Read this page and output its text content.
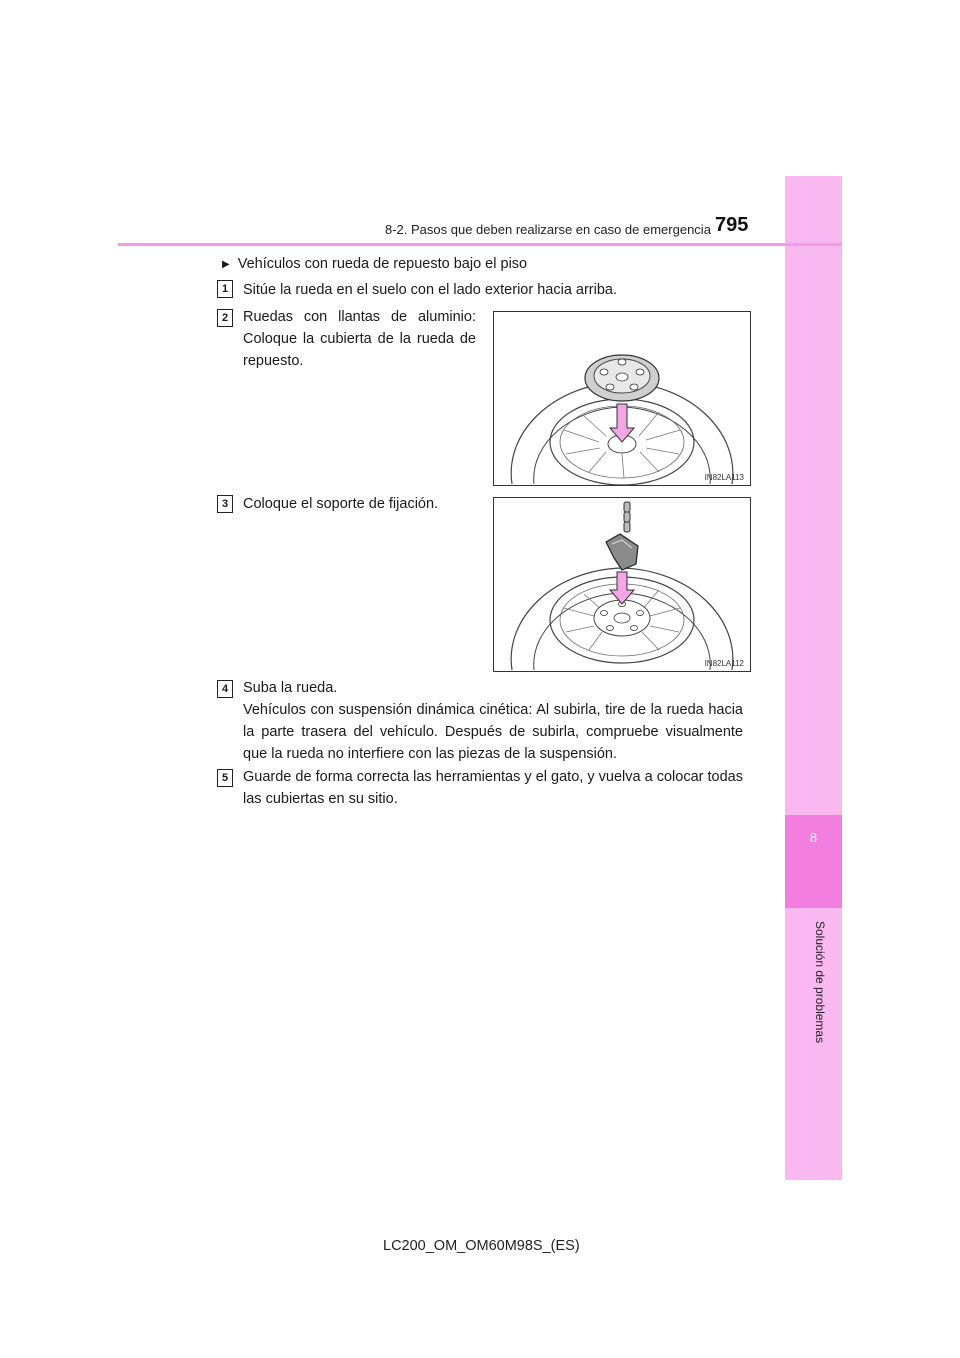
8
Solución de problemas
8-2. Pasos que deben realizarse en caso de emergencia 795
▶ Vehículos con rueda de repuesto bajo el piso
1	Sitúe la rueda en el suelo con el lado exterior hacia arriba.
2	Ruedas con llantas de aluminio: Coloque la cubierta de la rueda de repuesto.
IN82LA113
3	Coloque el soporte de fijación.
IN82LA112
4	Suba la rueda.
Vehículos con suspensión dinámica cinética: Al subirla, tire de la rueda hacia la parte trasera del vehículo. Después de subirla, compruebe visualmente que la rueda no interfiere con las piezas de la suspensión.
5	Guarde de forma correcta las herramientas y el gato, y vuelva a colocar todas las cubiertas en su sitio.
LC200_OM_OM60M98S_(ES)
